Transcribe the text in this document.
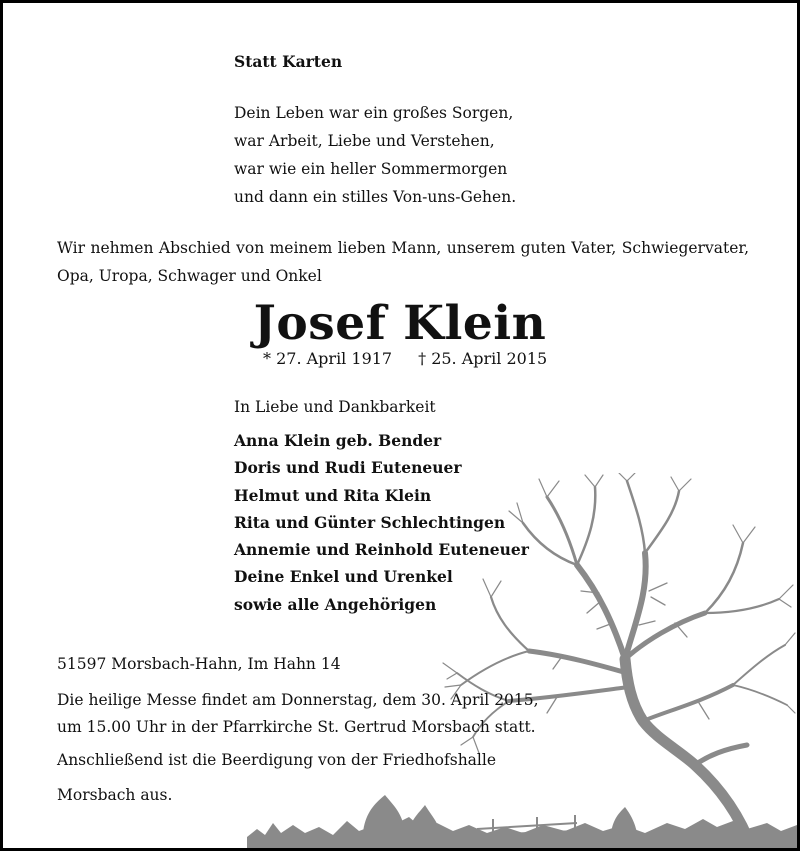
Statt Karten

Dein Leben war ein großes Sorgen,
war Arbeit, Liebe und Verstehen,
war wie ein heller Sommermorgen
und dann ein stilles Von-uns-Gehen.

Wir nehmen Abschied von meinem lieben Mann, unserem guten Vater, Schwiegervater,
Opa, Uropa, Schwager und Onkel

Josef Klein

* 27. April 1917 † 25. April 2015

In Liebe und Dankbarkeit

Anna Klein geb. Bender
Doris und Rudi Euteneuer
Helmut und Rita Klein
Rita und Günter Schlechtingen
Annemie und Reinhold Euteneuer
Deine Enkel und Urenkel
sowie alle Angehörigen

51597 Morsbach-Hahn, Im Hahn 14

Die heilige Messe findet am Donnerstag, dem 30. April 2015,
um 15.00 Uhr in der Pfarrkirche St. Gertrud Morsbach statt.

Anschließend ist die Beerdigung von der Friedhofshalle

Morsbach aus.
